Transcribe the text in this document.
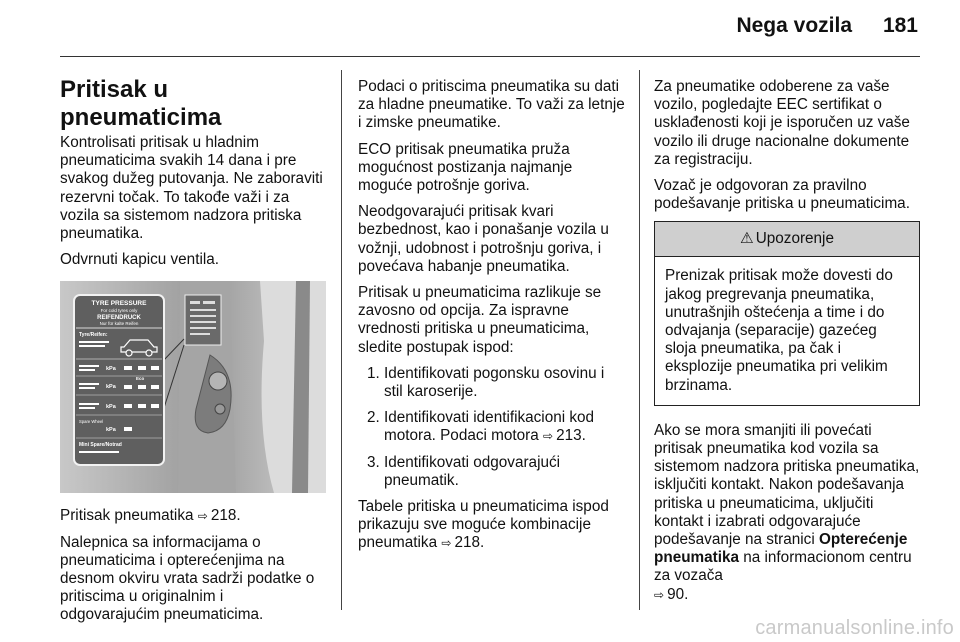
Nega vozila 181
Pritisak u pneumaticima

Kontrolisati pritisak u hladnim pneumaticima svakih 14 dana i pre svakog dužeg putovanja. Ne zaboraviti rezervni točak. To takođe važi i za vozila sa sistemom nadzora pritiska pneumatika.

Odvrnuti kapicu ventila.

TYRE PRESSURE
For cold tyres only
REIFENDRUCK
Nur für kalte Reifen
Tyre/Reifen:
kPa
kPa
kPa
kPa
Eco
Spare Wheel
Mini Spare/Notrad

Pritisak pneumatika ⇨  218.

Nalepnica sa informacijama o pneumaticima i opterećenjima na desnom okviru vrata sadrži podatke o pritiscima u originalnim i odgovarajućim pneumaticima.

Podaci o pritiscima pneumatika su dati za hladne pneumatike. To važi za letnje i zimske pneumatike.

ECO pritisak pneumatika pruža mogućnost postizanja najmanje moguće potrošnje goriva.

Neodgovarajući pritisak kvari bezbednost, kao i ponašanje vozila u vožnji, udobnost i potrošnju goriva, i povećava habanje pneumatika.

Pritisak u pneumaticima razlikuje se zavosno od opcija. Za ispravne vrednosti pritiska u pneumaticima, sledite postupak ispod:

1. Identifikovati pogonsku osovinu i stil karoserije.
2. Identifikovati identifikacioni kod motora. Podaci motora ⇨  213.
3. Identifikovati odgovarajući pneumatik.

Tabele pritiska u pneumaticima ispod prikazuju sve moguće kombinacije pneumatika ⇨  218.

Za pneumatike odoberene za vaše vozilo, pogledajte EEC sertifikat o usklađenosti koji je isporučen uz vaše vozilo ili druge nacionalne dokumente za registraciju.

Vozač je odgovoran za pravilno podešavanje pritiska u pneumaticima.

⚠ Upozorenje
Prenizak pritisak može dovesti do jakog pregrevanja pneumatika, unutrašnjih oštećenja a time i do odvajanja (separacije) gazećeg sloja pneumatika, pa čak i eksplozije pneumatika pri velikim brzinama.

Ako se mora smanjiti ili povećati pritisak pneumatika kod vozila sa sistemom nadzora pritiska pneumatika, isključiti kontakt. Nakon podešavanja pritiska u pneumaticima, uključiti kontakt i izabrati odgovarajuće podešavanje na stranici Opterećenje pneumatika na informacionom centru za vozača
⇨  90.

carmanualsonline.info
